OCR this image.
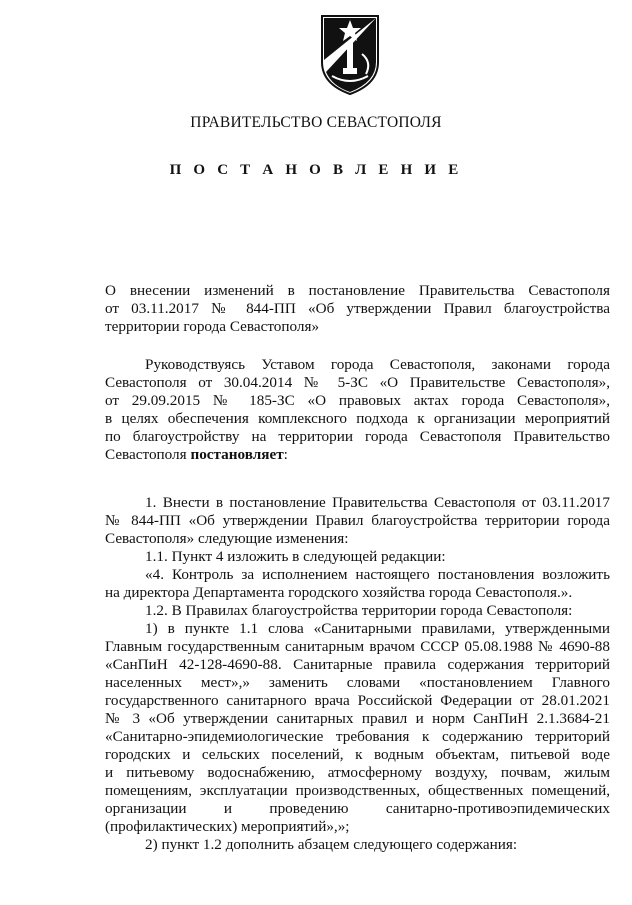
ПРАВИТЕЛЬСТВО СЕВАСТОПОЛЯ
П О С Т А Н О В Л Е Н И Е

О внесении изменений в постановление Правительства Севастополя

от 03.11.2017 № 844-ПП «Об утверждении Правил благоустройства

территории города Севастополя»

Руководствуясь Уставом города Севастополя, законами города

Севастополя от 30.04.2014 № 5-ЗС «О Правительстве Севастополя»,

от 29.09.2015 № 185-ЗС «О правовых актах города Севастополя»,

в целях обеспечения комплексного подхода к организации мероприятий

по благоустройству на территории города Севастополя Правительство

Севастополя постановляет:

1. Внести в постановление Правительства Севастополя от 03.11.2017

№ 844-ПП «Об утверждении Правил благоустройства территории города

Севастополя» следующие изменения:

1.1. Пункт 4 изложить в следующей редакции:

«4. Контроль за исполнением настоящего постановления возложить

на директора Департамента городского хозяйства города Севастополя.».

1.2. В Правилах благоустройства территории города Севастополя:

1) в пункте 1.1 слова «Санитарными правилами, утвержденными

Главным государственным санитарным врачом СССР 05.08.1988 № 4690-88

«СанПиН 42-128-4690-88. Санитарные правила содержания территорий

населенных мест»,» заменить словами «постановлением Главного

государственного санитарного врача Российской Федерации от 28.01.2021

№ 3 «Об утверждении санитарных правил и норм СанПиН 2.1.3684-21

«Санитарно-эпидемиологические требования к содержанию территорий

городских и сельских поселений, к водным объектам, питьевой воде

и питьевому водоснабжению, атмосферному воздуху, почвам, жилым

помещениям, эксплуатации производственных, общественных помещений,

организации и проведению санитарно-противоэпидемических

(профилактических) мероприятий»,»;

2) пункт 1.2 дополнить абзацем следующего содержания:
